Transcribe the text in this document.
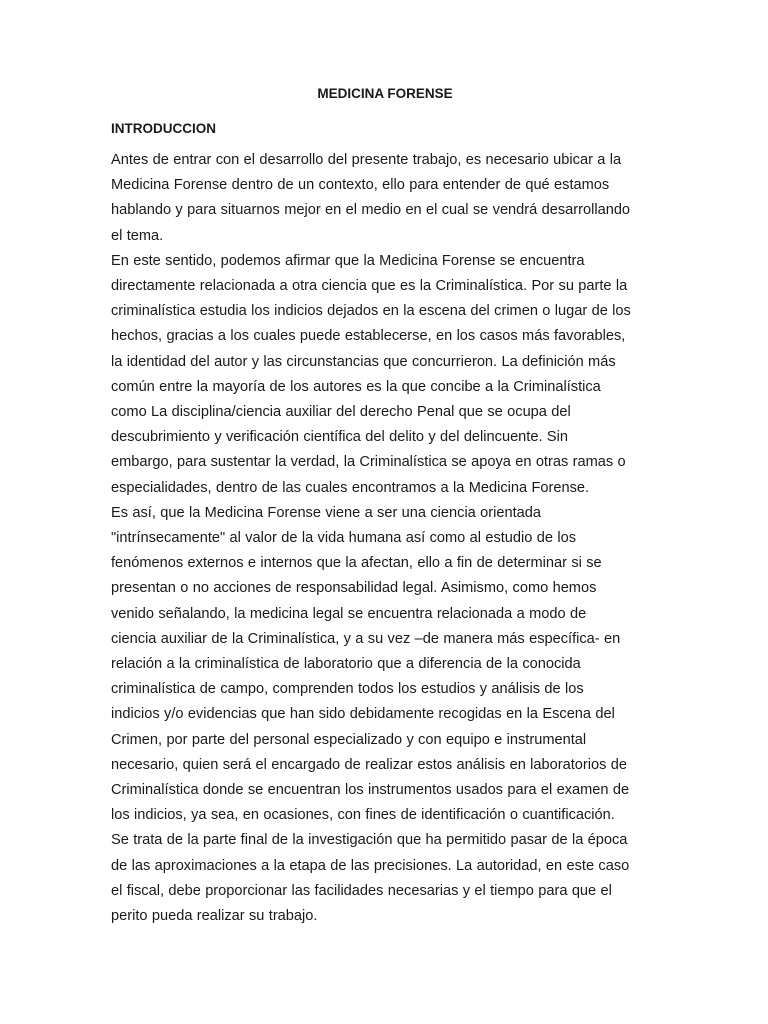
MEDICINA FORENSE
INTRODUCCION

Antes de entrar con el desarrollo del presente trabajo, es necesario ubicar a la
Medicina Forense dentro de un contexto, ello para entender de qué estamos
hablando y para situarnos mejor en el medio en el cual se vendrá desarrollando
el tema.

En este sentido, podemos afirmar que la Medicina Forense se encuentra
directamente relacionada a otra ciencia que es la Criminalística. Por su parte la
criminalística estudia los indicios dejados en la escena del crimen o lugar de los
hechos, gracias a los cuales puede establecerse, en los casos más favorables,
la identidad del autor y las circunstancias que concurrieron. La definición más
común entre la mayoría de los autores es la que concibe a la Criminalística
como La disciplina/ciencia auxiliar del derecho Penal que se ocupa del
descubrimiento y verificación científica del delito y del delincuente. Sin
embargo, para sustentar la verdad, la Criminalística se apoya en otras ramas o
especialidades, dentro de las cuales encontramos a la Medicina Forense.

Es así, que la Medicina Forense viene a ser una ciencia orientada
"intrínsecamente" al valor de la vida humana así como al estudio de los
fenómenos externos e internos que la afectan, ello a fin de determinar si se
presentan o no acciones de responsabilidad legal. Asimismo, como hemos
venido señalando, la medicina legal se encuentra relacionada a modo de
ciencia auxiliar de la Criminalística, y a su vez –de manera más específica- en
relación a la criminalística de laboratorio que a diferencia de la conocida
criminalística de campo, comprenden todos los estudios y análisis de los
indicios y/o evidencias que han sido debidamente recogidas en la Escena del
Crimen, por parte del personal especializado y con equipo e instrumental
necesario, quien será el encargado de realizar estos análisis en laboratorios de
Criminalística donde se encuentran los instrumentos usados para el examen de
los indicios, ya sea, en ocasiones, con fines de identificación o cuantificación.

Se trata de la parte final de la investigación que ha permitido pasar de la época
de las aproximaciones a la etapa de las precisiones. La autoridad, en este caso
el fiscal, debe proporcionar las facilidades necesarias y el tiempo para que el
perito pueda realizar su trabajo.
